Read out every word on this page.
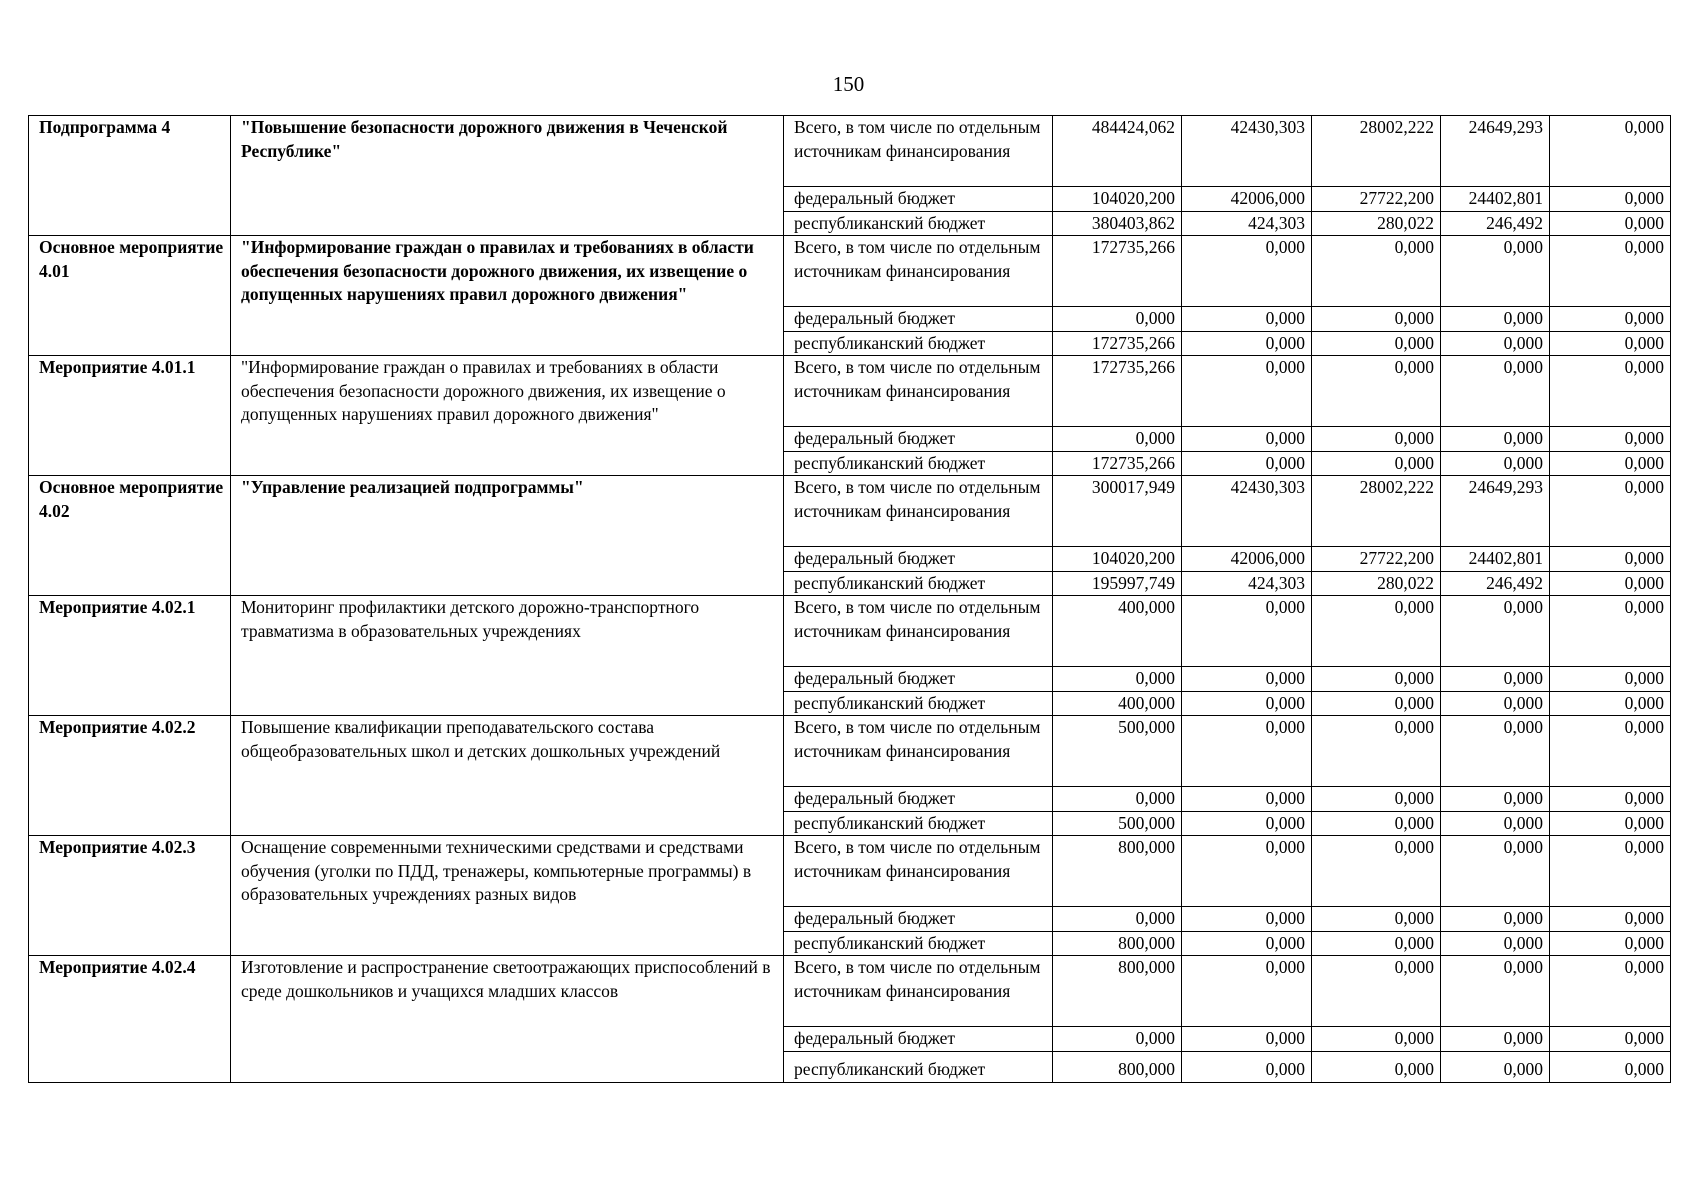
150
Подпрограмма 4	"Повышение безопасности дорожного движения в Чеченской Республике"	Всего, в том числе по отдельным источникам финансирования	484424,062	42430,303	28002,222	24649,293	0,000
		федеральный бюджет	104020,200	42006,000	27722,200	24402,801	0,000
		республиканский бюджет	380403,862	424,303	280,022	246,492	0,000
Основное мероприятие 4.01	"Информирование граждан о правилах и требованиях в области обеспечения безопасности дорожного движения, их извещение о допущенных нарушениях правил дорожного движения"	Всего, в том числе по отдельным источникам финансирования	172735,266	0,000	0,000	0,000	0,000
		федеральный бюджет	0,000	0,000	0,000	0,000	0,000
		республиканский бюджет	172735,266	0,000	0,000	0,000	0,000
Мероприятие 4.01.1	"Информирование граждан о правилах и требованиях в области обеспечения безопасности дорожного движения, их извещение о допущенных нарушениях правил дорожного движения"	Всего, в том числе по отдельным источникам финансирования	172735,266	0,000	0,000	0,000	0,000
		федеральный бюджет	0,000	0,000	0,000	0,000	0,000
		республиканский бюджет	172735,266	0,000	0,000	0,000	0,000
Основное мероприятие 4.02	"Управление реализацией подпрограммы"	Всего, в том числе по отдельным источникам финансирования	300017,949	42430,303	28002,222	24649,293	0,000
		федеральный бюджет	104020,200	42006,000	27722,200	24402,801	0,000
		республиканский бюджет	195997,749	424,303	280,022	246,492	0,000
Мероприятие 4.02.1	Мониторинг профилактики детского дорожно-транспортного травматизма в образовательных учреждениях	Всего, в том числе по отдельным источникам финансирования	400,000	0,000	0,000	0,000	0,000
		федеральный бюджет	0,000	0,000	0,000	0,000	0,000
		республиканский бюджет	400,000	0,000	0,000	0,000	0,000
Мероприятие 4.02.2	Повышение квалификации преподавательского состава общеобразовательных школ и детских дошкольных учреждений	Всего, в том числе по отдельным источникам финансирования	500,000	0,000	0,000	0,000	0,000
		федеральный бюджет	0,000	0,000	0,000	0,000	0,000
		республиканский бюджет	500,000	0,000	0,000	0,000	0,000
Мероприятие 4.02.3	Оснащение современными техническими средствами и средствами обучения (уголки по ПДД, тренажеры, компьютерные программы) в образовательных учреждениях разных видов	Всего, в том числе по отдельным источникам финансирования	800,000	0,000	0,000	0,000	0,000
		федеральный бюджет	0,000	0,000	0,000	0,000	0,000
		республиканский бюджет	800,000	0,000	0,000	0,000	0,000
Мероприятие 4.02.4	Изготовление и распространение светоотражающих приспособлений в среде дошкольников и учащихся младших классов	Всего, в том числе по отдельным источникам финансирования	800,000	0,000	0,000	0,000	0,000
		федеральный бюджет	0,000	0,000	0,000	0,000	0,000
		республиканский бюджет	800,000	0,000	0,000	0,000	0,000
